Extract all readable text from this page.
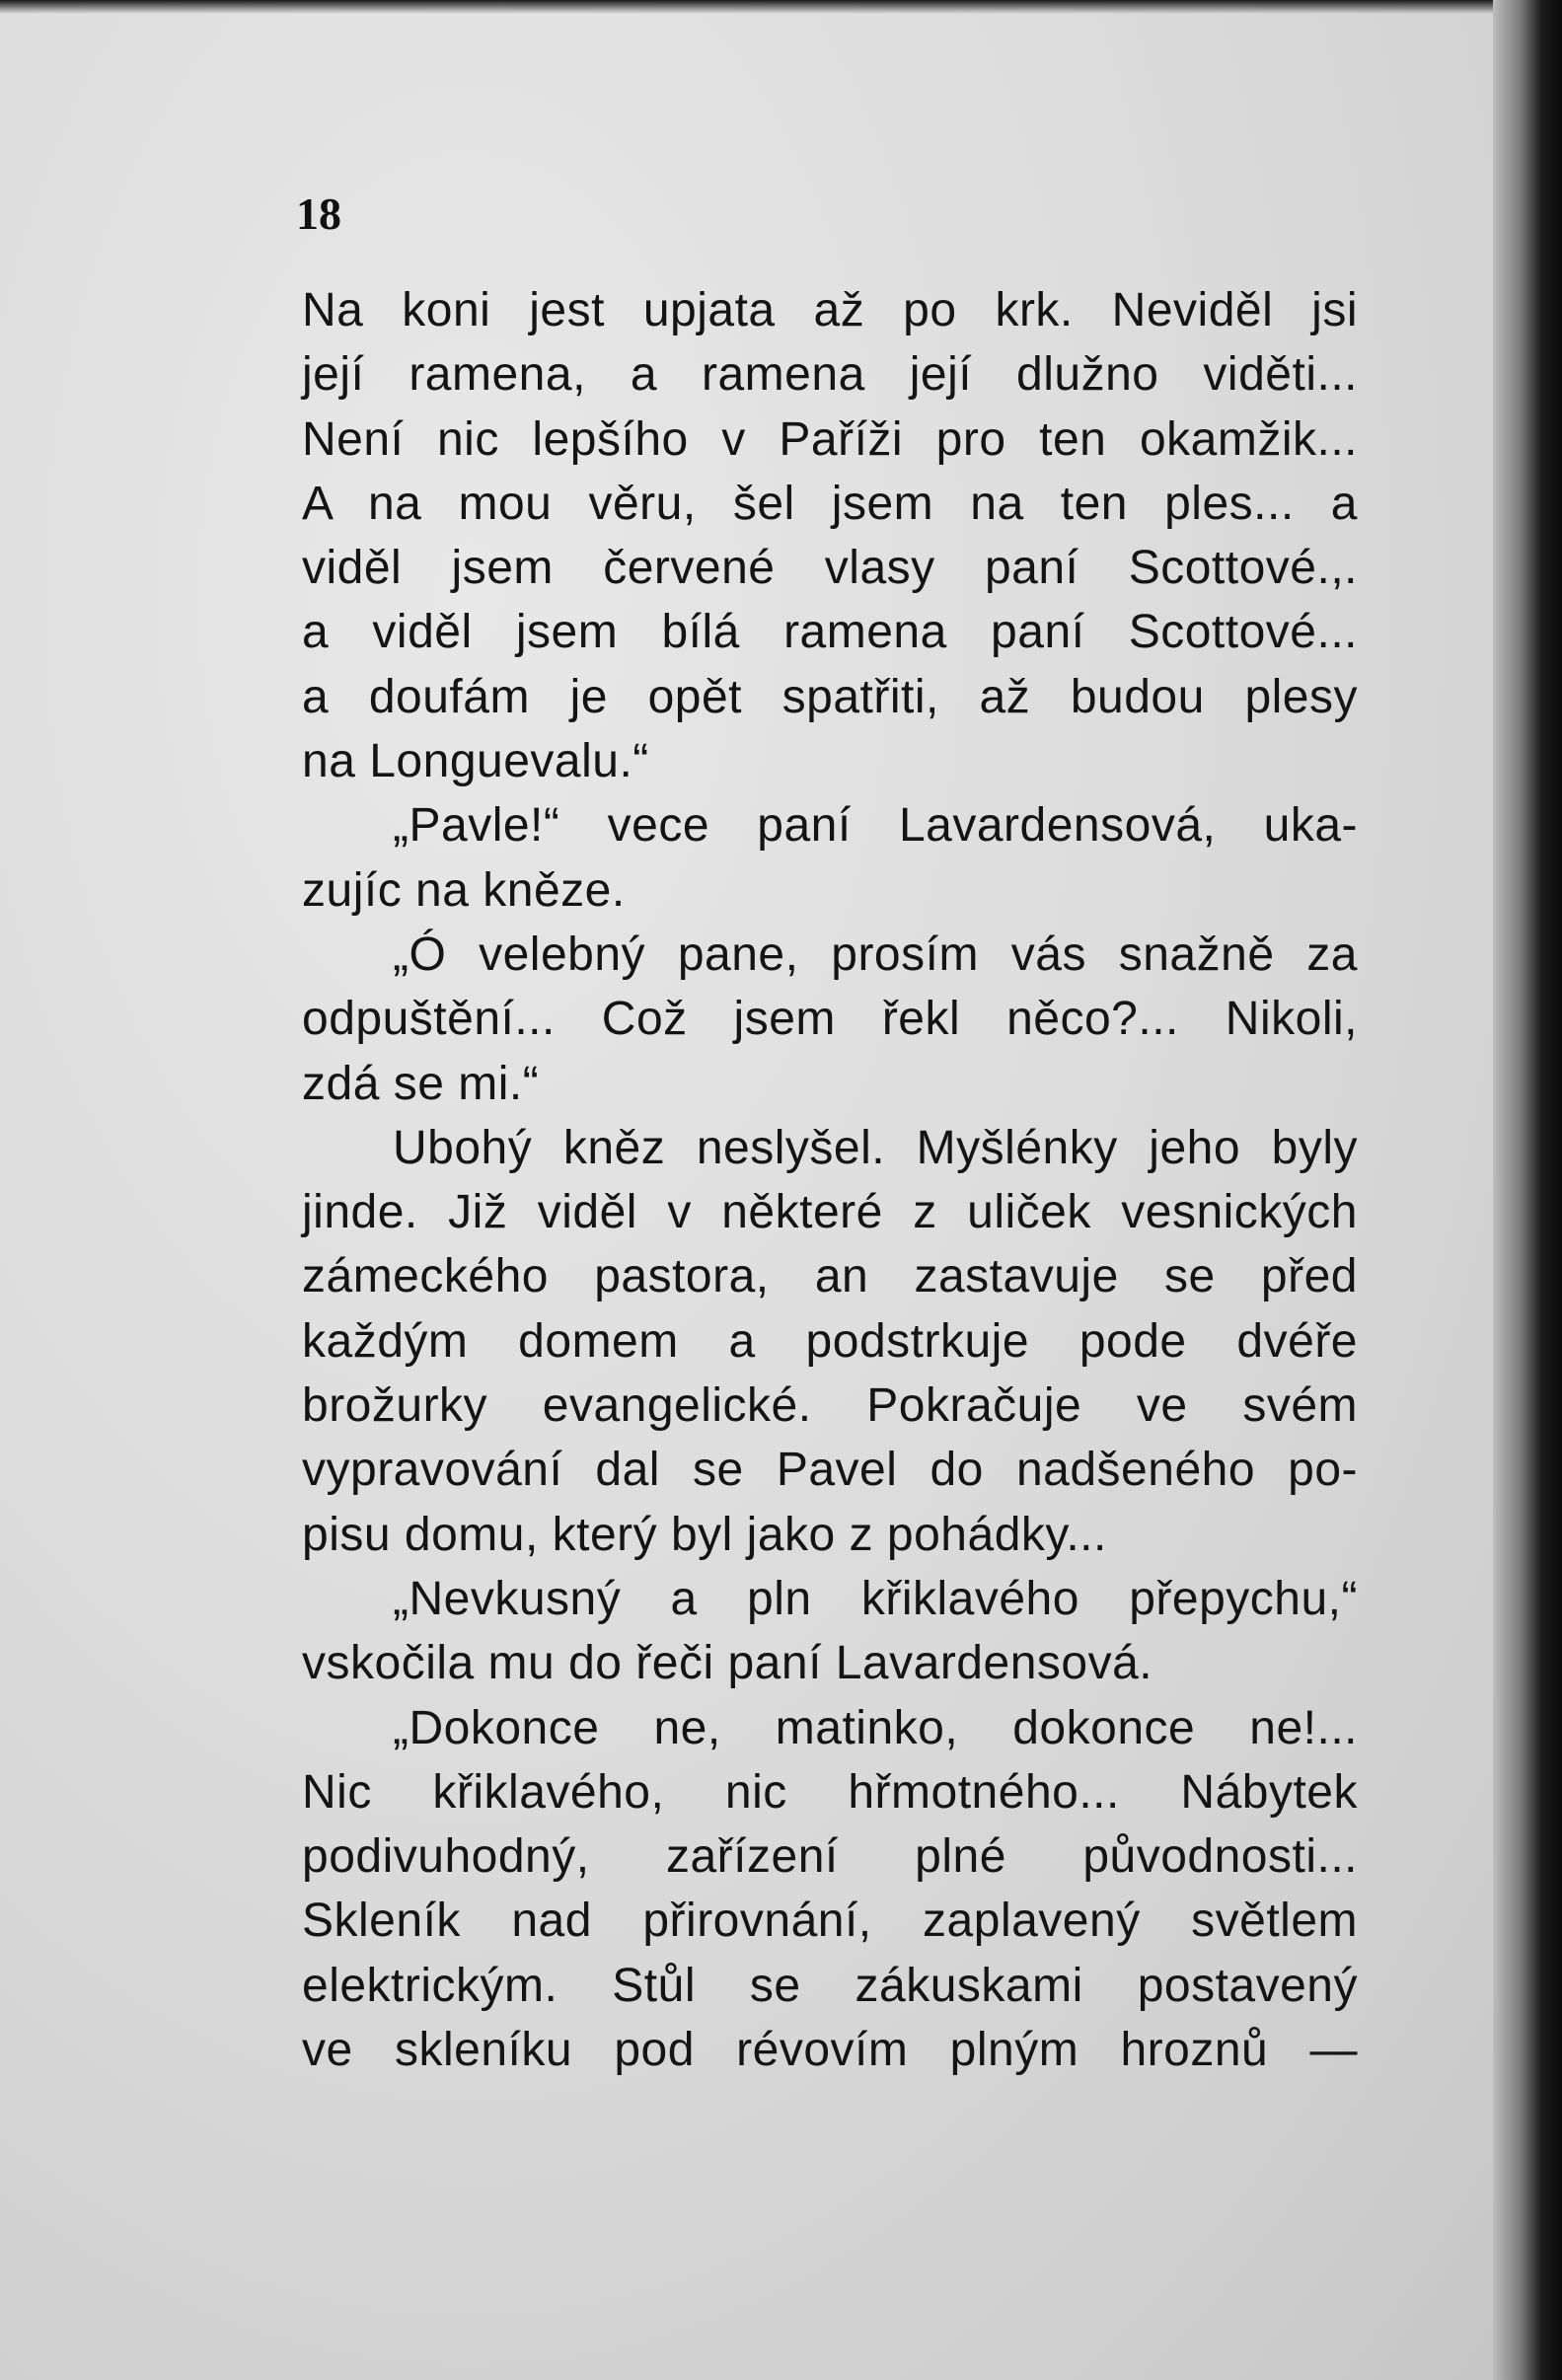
18
Na koni jest upjata až po krk. Neviděl jsi
její ramena, a ramena její dlužno viděti...
Není nic lepšího v Paříži pro ten okamžik...
A na mou věru, šel jsem na ten ples... a
viděl jsem červené vlasy paní Scottové.,.
a viděl jsem bílá ramena paní Scottové...
a doufám je opět spatřiti, až budou plesy
na Longuevalu.“
„Pavle!“ vece paní Lavardensová, uka-
zujíc na kněze.
„Ó velebný pane, prosím vás snažně za
odpuštění... Což jsem řekl něco?... Nikoli,
zdá se mi.“
Ubohý kněz neslyšel. Myšlénky jeho byly
jinde. Již viděl v některé z uliček vesnických
zámeckého pastora, an zastavuje se před
každým domem a podstrkuje pode dvéře
brožurky evangelické. Pokračuje ve svém
vypravování dal se Pavel do nadšeného po-
pisu domu, který byl jako z pohádky...
„Nevkusný a pln křiklavého přepychu,“
vskočila mu do řeči paní Lavardensová.
„Dokonce ne, matinko, dokonce ne!...
Nic křiklavého, nic hřmotného... Nábytek
podivuhodný, zařízení plné původnosti...
Skleník nad přirovnání, zaplavený světlem
elektrickým. Stůl se zákuskami postavený
ve skleníku pod révovím plným hroznů —
